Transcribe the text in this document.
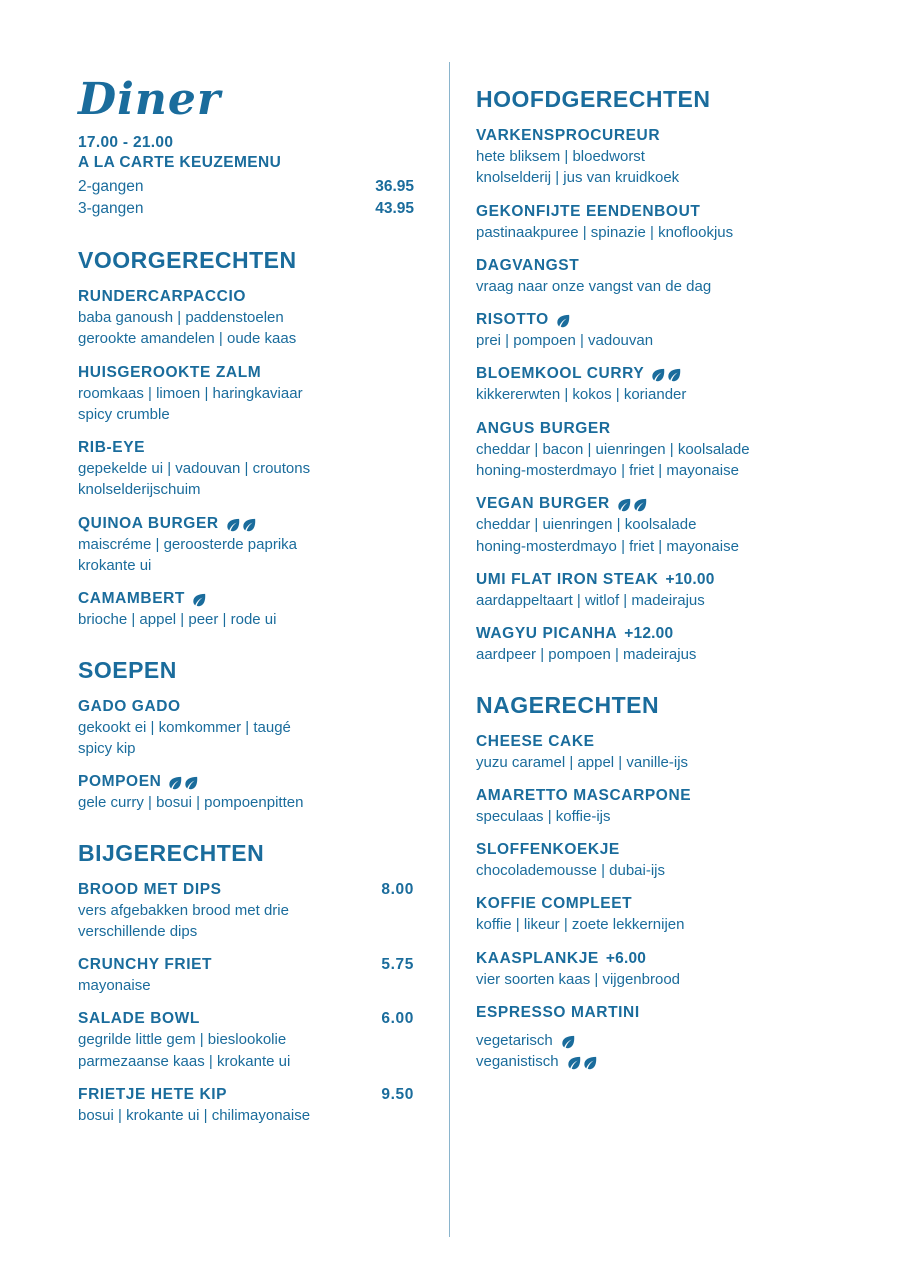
Diner
17.00 - 21.00
A LA CARTE KEUZEMENU
2-gangen	36.95
3-gangen	43.95
VOORGERECHTEN
RUNDERCARPACCIO
baba ganoush | paddenstoelen
gerookte amandelen | oude kaas
HUISGEROOKTE ZALM
roomkaas | limoen | haringkaviaar
spicy crumble
RIB-EYE
gepekelde ui | vadouvan | croutons
knolselderijschuim
QUINOA BURGER
maiscréme | geroosterde paprika
krokante ui
CAMAMBERT
brioche | appel | peer | rode ui
SOEPEN
GADO GADO
gekookt ei | komkommer | taugé
spicy kip
POMPOEN
gele curry | bosui | pompoenpitten
BIJGERECHTEN
BROOD MET DIPS	8.00
vers afgebakken brood met drie
verschillende dips
CRUNCHY FRIET	5.75
mayonaise
SALADE BOWL	6.00
gegrilde little gem | bieslookolie
parmezaanse kaas | krokante ui
FRIETJE HETE KIP	9.50
bosui | krokante ui | chilimayonaise
HOOFDGERECHTEN
VARKENSPROCUREUR
hete bliksem | bloedworst
knolselderij | jus van kruidkoek
GEKONFIJTE EENDENBOUT
pastinaakpuree | spinazie | knoflookjus
DAGVANGST
vraag naar onze vangst van de dag
RISOTTO
prei | pompoen | vadouvan
BLOEMKOOL CURRY
kikkererwten | kokos | koriander
ANGUS BURGER
cheddar | bacon | uienringen | koolsalade
honing-mosterdmayo | friet | mayonaise
VEGAN BURGER
cheddar | uienringen | koolsalade
honing-mosterdmayo | friet | mayonaise
UMI FLAT IRON STEAK +10.00
aardappeltaart | witlof | madeirajus
WAGYU PICANHA +12.00
aardpeer | pompoen | madeirajus
NAGERECHTEN
CHEESE CAKE
yuzu caramel | appel | vanille-ijs
AMARETTO MASCARPONE
speculaas | koffie-ijs
SLOFFENKOEKJE
chocolademousse | dubai-ijs
KOFFIE COMPLEET
koffie | likeur | zoete lekkernijen
KAASPLANKJE +6.00
vier soorten kaas | vijgenbrood
ESPRESSO MARTINI
vegetarisch
veganistisch
